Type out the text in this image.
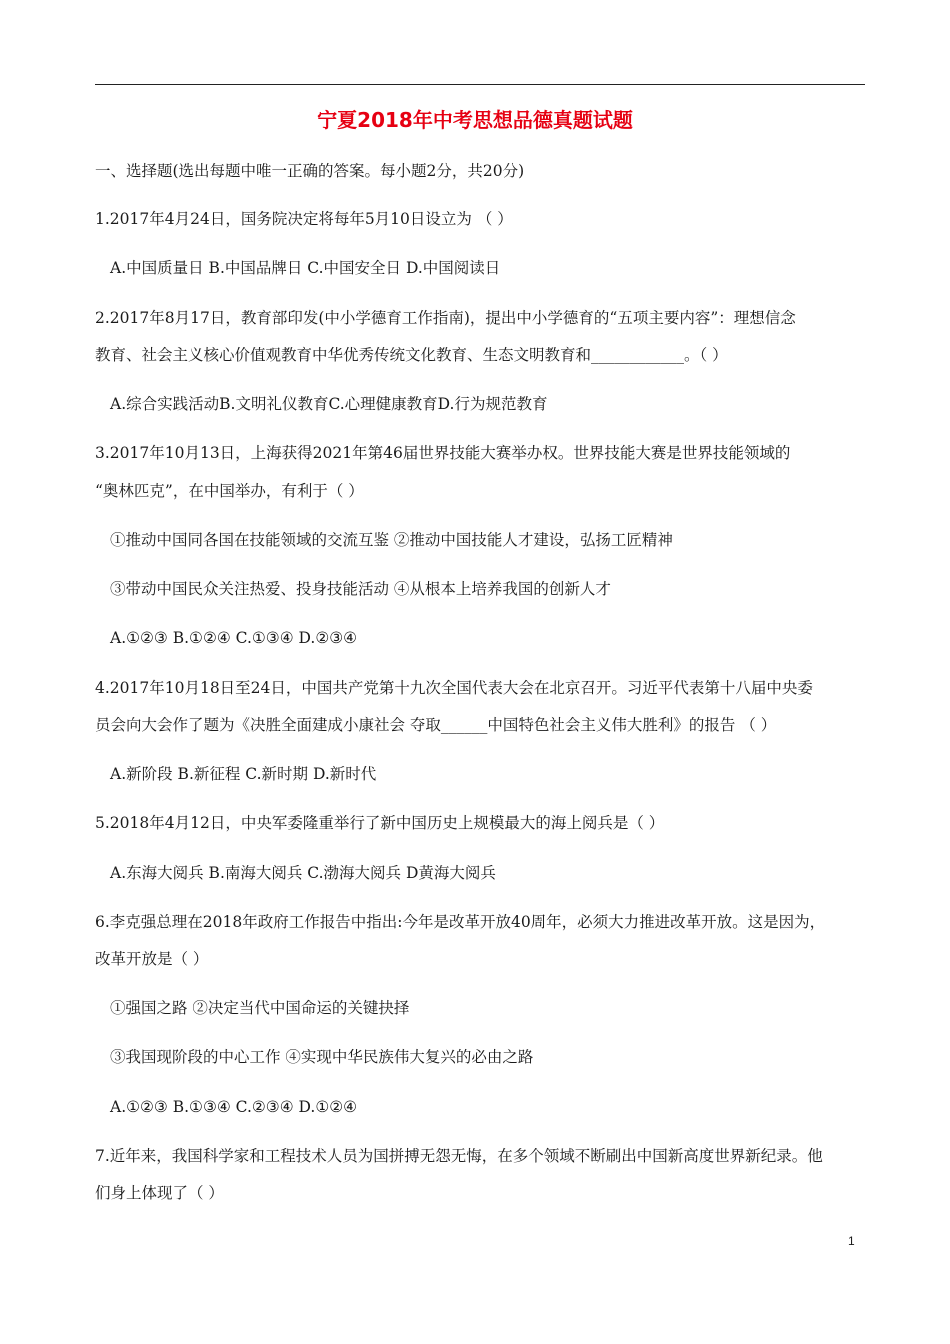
宁夏2018年中考思想品德真题试题
一、选择题(选出每题中唯一正确的答案。每小题2分，共20分)
1.2017年4月24日，国务院决定将每年5月10日设立为 （ ）
A.中国质量日 B.中国品牌日 C.中国安全日 D.中国阅读日
2.2017年8月17日，教育部印发(中小学德育工作指南)，提出中小学德育的“五项主要内容”：理想信念
教育、社会主义核心价值观教育中华优秀传统文化教育、生态文明教育和____________。（ ）
A.综合实践活动B.文明礼仪教育C.心理健康教育D.行为规范教育
3.2017年10月13日，上海获得2021年第46届世界技能大赛举办权。世界技能大赛是世界技能领域的
“奥林匹克”，在中国举办，有利于（ ）
①推动中国同各国在技能领域的交流互鉴 ②推动中国技能人才建设，弘扬工匠精神
③带动中国民众关注热爱、投身技能活动 ④从根本上培养我国的创新人才
A.①②③ B.①②④ C.①③④ D.②③④
4.2017年10月18日至24日，中国共产党第十九次全国代表大会在北京召开。习近平代表第十八届中央委
员会向大会作了题为《决胜全面建成小康社会 夺取______中国特色社会主义伟大胜利》的报告 （ ）
A.新阶段 B.新征程 C.新时期 D.新时代
5.2018年4月12日，中央军委隆重举行了新中国历史上规模最大的海上阅兵是（ ）
A.东海大阅兵 B.南海大阅兵 C.渤海大阅兵 D黄海大阅兵
6.李克强总理在2018年政府工作报告中指出:今年是改革开放40周年，必须大力推进改革开放。这是因为，
改革开放是（ ）
①强国之路 ②决定当代中国命运的关键抉择
③我国现阶段的中心工作 ④实现中华民族伟大复兴的必由之路
A.①②③ B.①③④ C.②③④ D.①②④
7.近年来，我国科学家和工程技术人员为国拼搏无怨无悔，在多个领域不断刷出中国新高度世界新纪录。他
们身上体现了（ ）
1
